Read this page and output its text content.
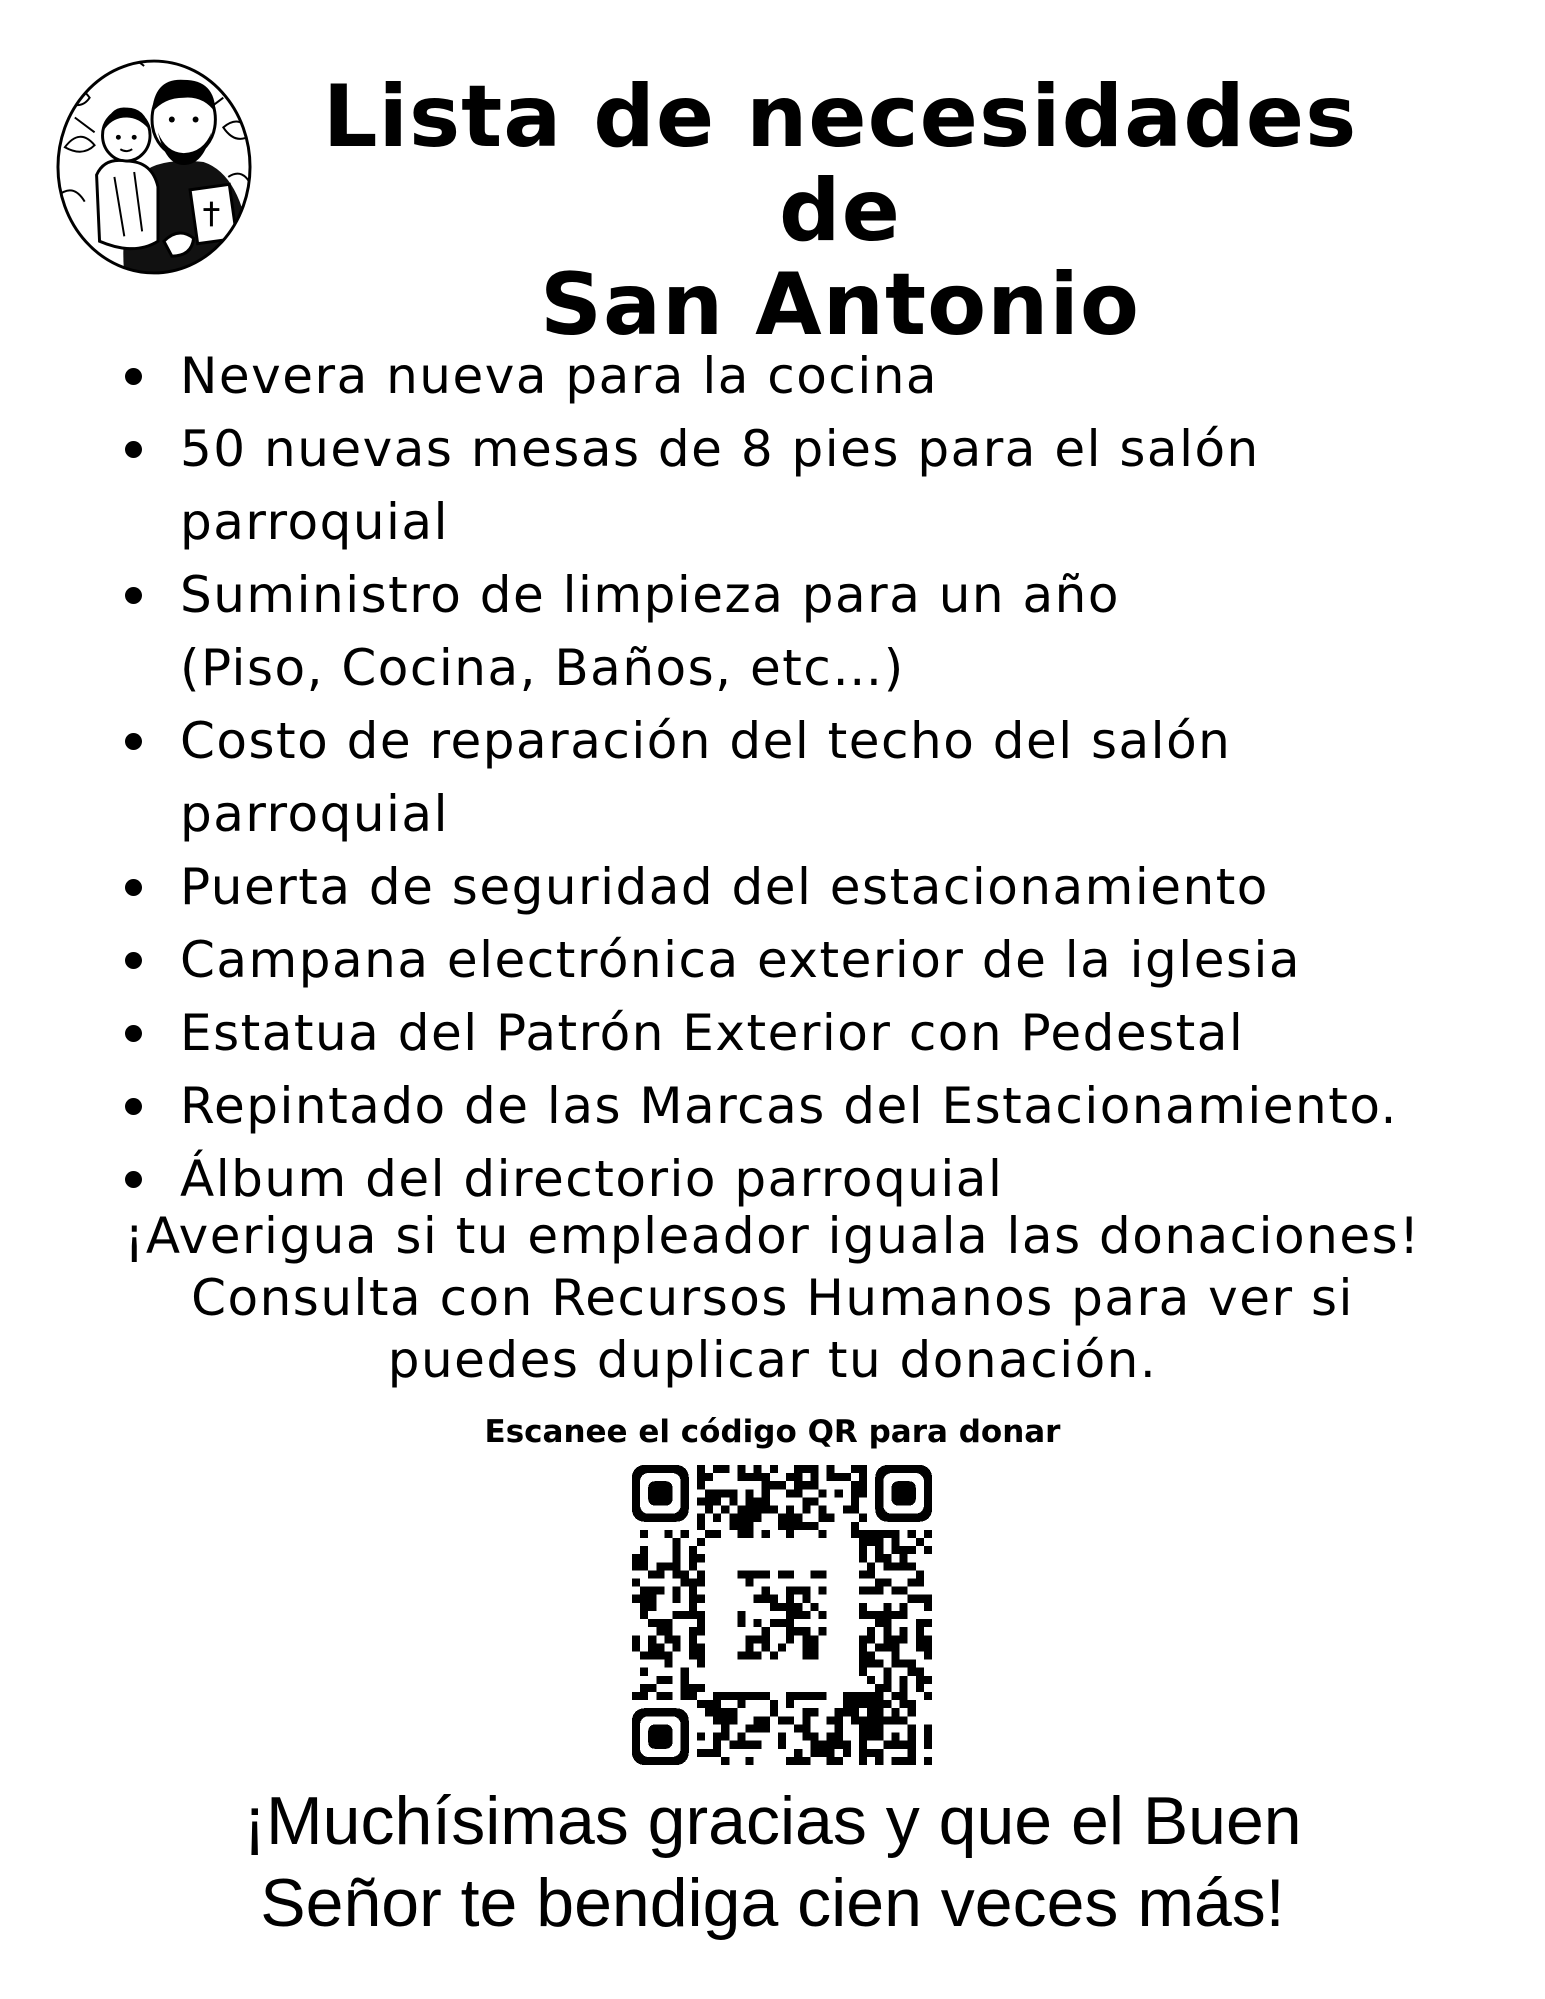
Lista de necesidades de
San Antonio
Nevera nueva para la cocina
50 nuevas mesas de 8 pies para el salón
parroquial
Suministro de limpieza para un año
(Piso, Cocina, Baños, etc…)
Costo de reparación del techo del salón parroquial
Puerta de seguridad del estacionamiento
Campana electrónica exterior de la iglesia
Estatua del Patrón Exterior con Pedestal
Repintado de las Marcas del Estacionamiento.
Álbum del directorio parroquial
¡Averigua si tu empleador iguala las donaciones!
Consulta con Recursos Humanos para ver si
puedes duplicar tu donación.
Escanee el código QR para donar
¡Muchísimas gracias y que el Buen
Señor te bendiga cien veces más!
